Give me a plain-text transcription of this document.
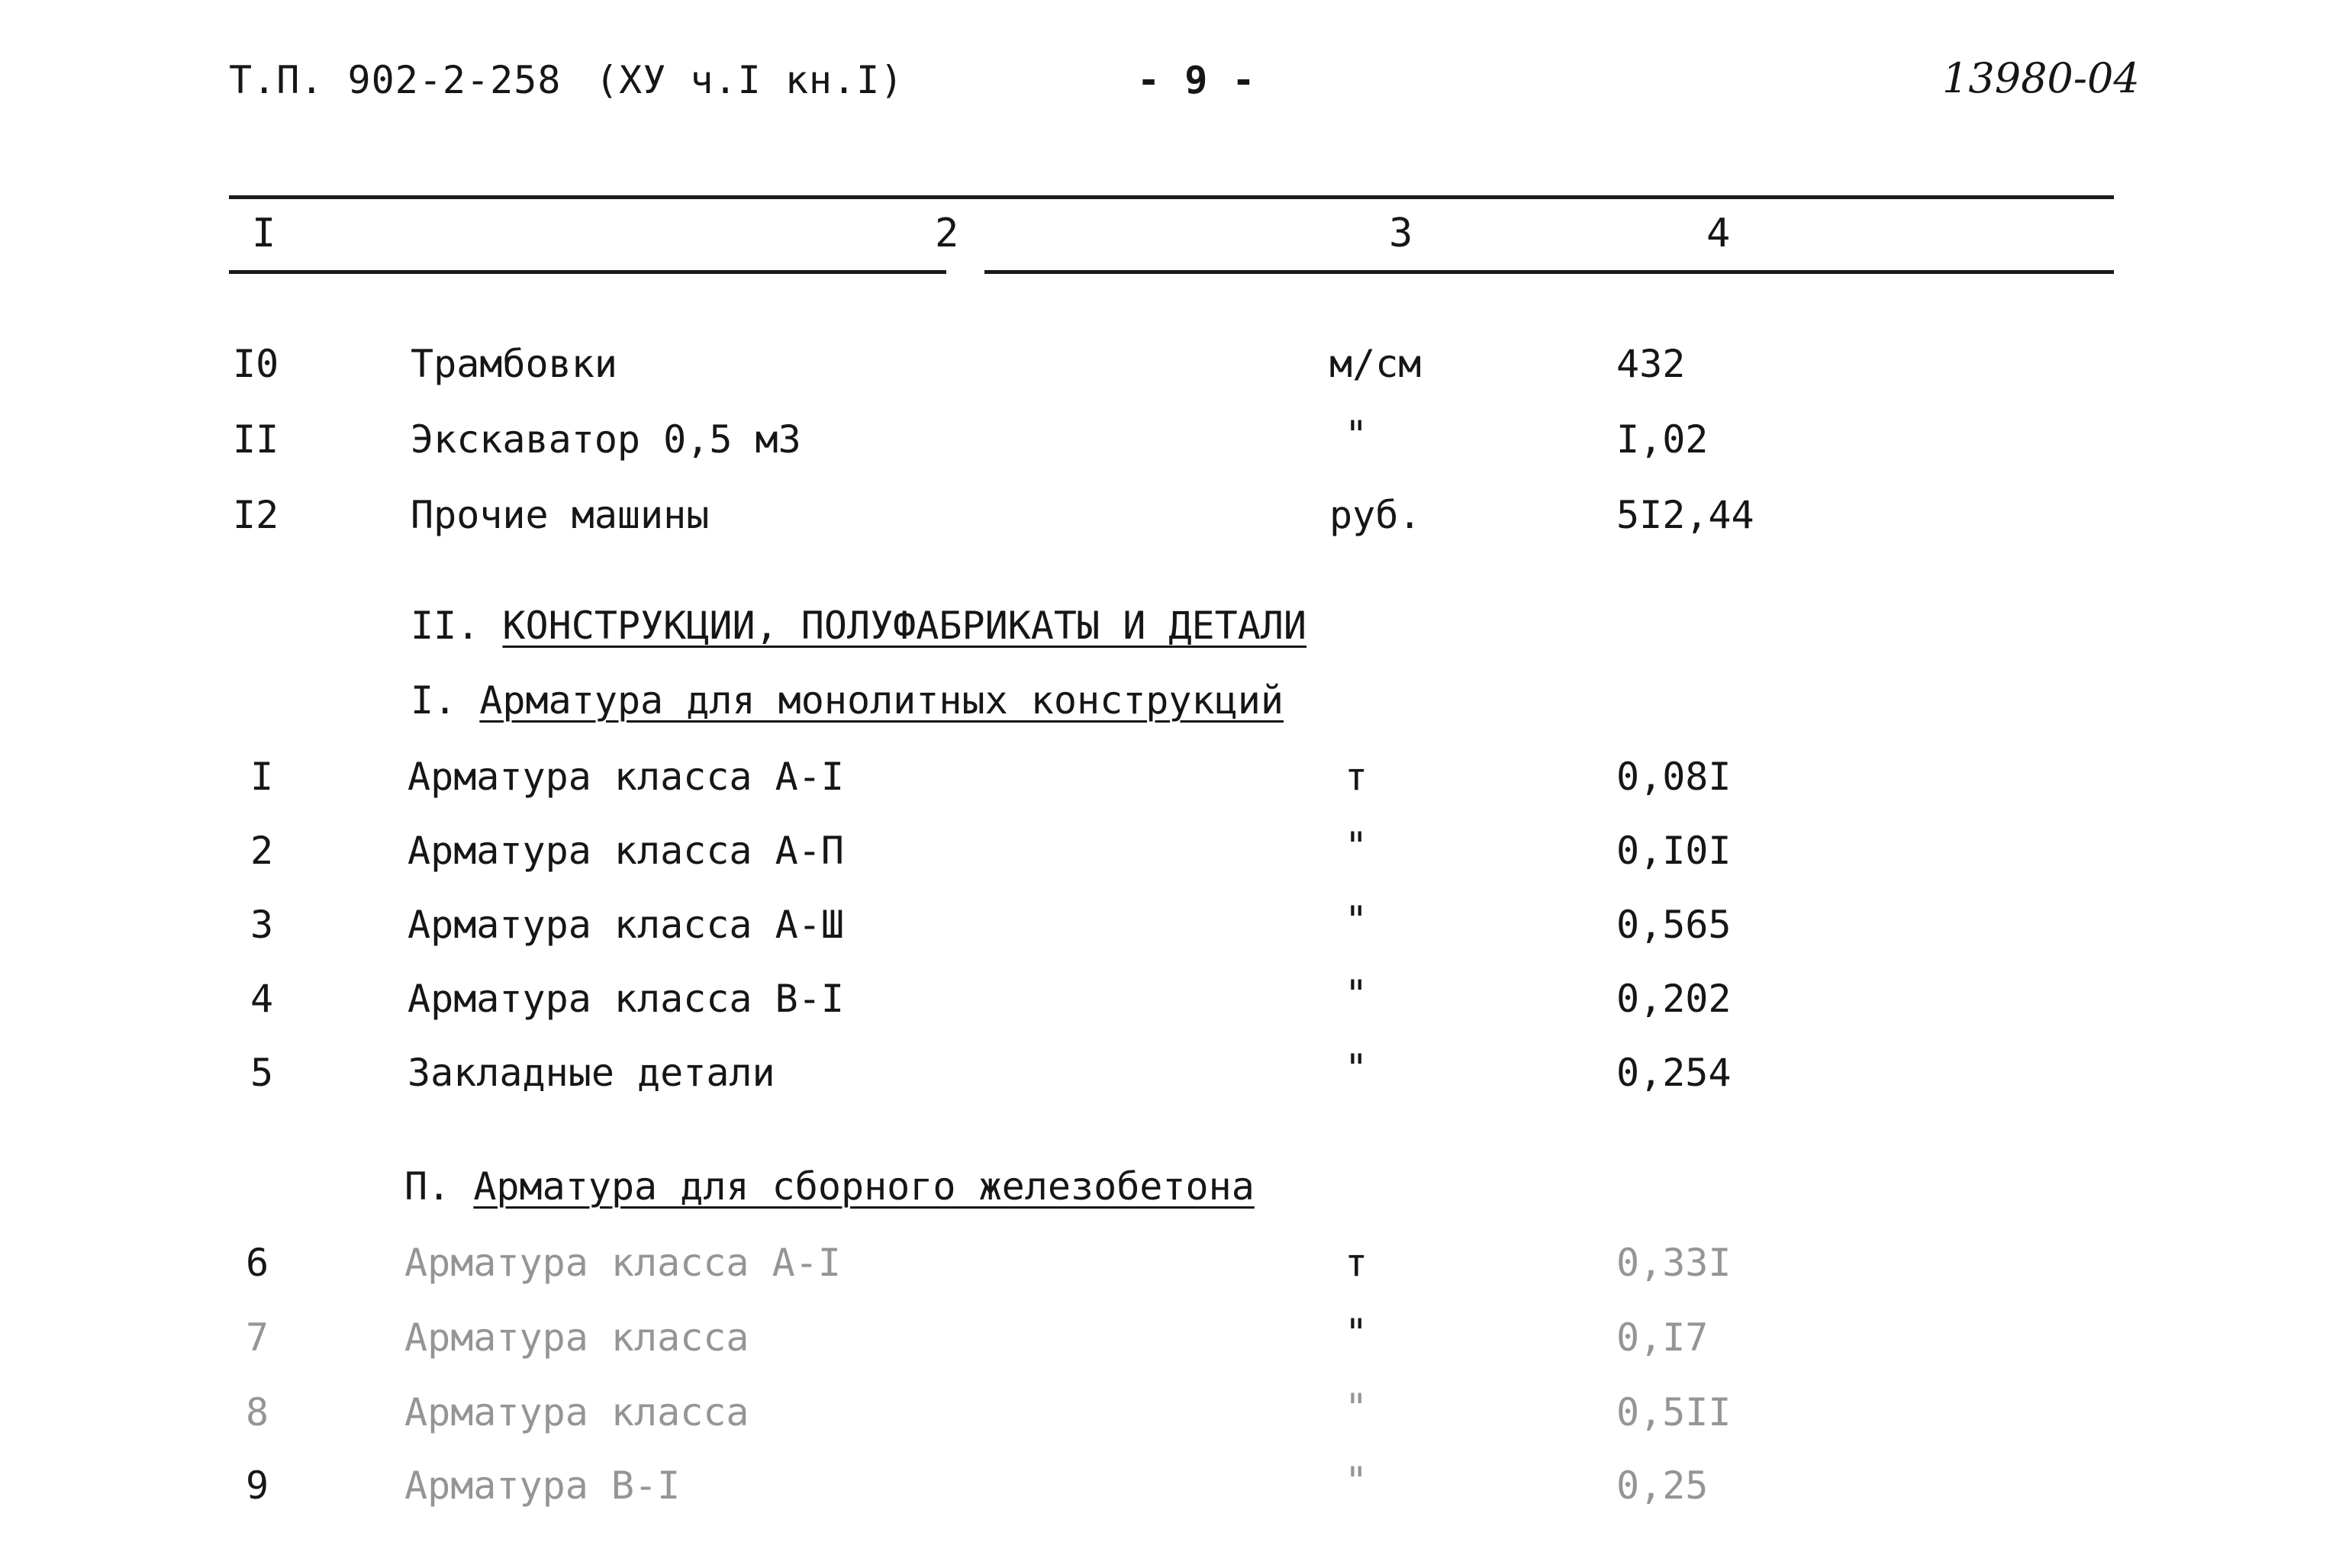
Т.П. 902-2-258 (ХУ ч.I кн.I)	- 9 -	13980-04
I	2	3	4
I0	Трамбовки	м/см	432
II	Экскаватор 0,5 м3	"	I,02
I2	Прочие машины	руб.	5I2,44
II. КОНСТРУКЦИИ, ПОЛУФАБРИКАТЫ И ДЕТАЛИ
I. Арматура для монолитных конструкций
I	Арматура класса А-I	т	0,08I
2	Арматура класса А-П	"	0,I0I
3	Арматура класса А-Ш	"	0,565
4	Арматура класса В-I	"	0,202
5	Закладные детали	"	0,254
П. Арматура для сборного железобетона
6	Арматура класса А-I	т	0,33I
7	Арматура класса	"	0,I7
8	Арматура класса	"	0,5II
9	Арматура В-I	"	0,25
